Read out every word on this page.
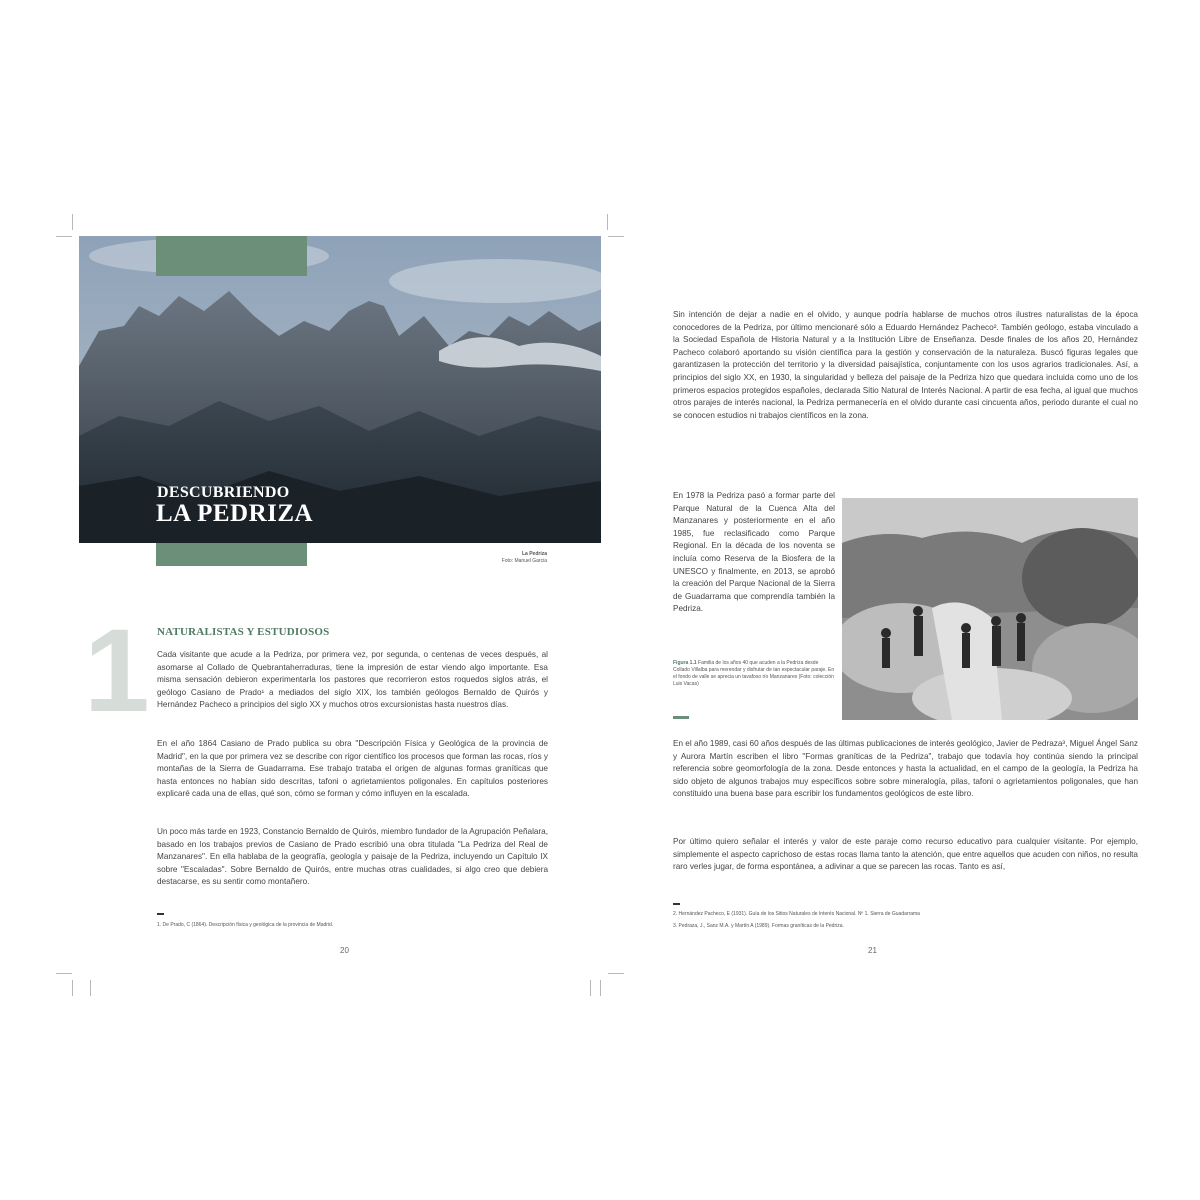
DESCUBRIENDO
LA PEDRIZA
La Pedriza
Foto: Manuel Garcia
1 NATURALISTAS Y ESTUDIOSOS

Cada visitante que acude a la Pedriza, por primera vez, por segunda, o centenas de veces después, al asomarse al Collado de Quebrantaherraduras, tiene la impresión de estar viendo algo importante. Esa misma sensación debieron experimentarla los pastores que recorrieron estos roquedos siglos atrás, el geólogo Casiano de Prado¹ a mediados del siglo XIX, los también geólogos Bernaldo de Quirós y Hernández Pacheco a principios del siglo XX y muchos otros excursionistas hasta nuestros días.

En el año 1864 Casiano de Prado publica su obra "Descripción Física y Geológica de la provincia de Madrid", en la que por primera vez se describe con rigor científico los procesos que forman las rocas, ríos y montañas de la Sierra de Guadarrama. Ese trabajo trataba el origen de algunas formas graníticas que hasta entonces no habían sido descritas, tafoni o agrietamientos poligonales. En capítulos posteriores explicaré cada una de ellas, qué son, cómo se forman y cómo influyen en la escalada.

Un poco más tarde en 1923, Constancio Bernaldo de Quirós, miembro fundador de la Agrupación Peñalara, basado en los trabajos previos de Casiano de Prado escribió una obra titulada "La Pedriza del Real de Manzanares". En ella hablaba de la geografía, geología y paisaje de la Pedriza, incluyendo un Capítulo IX sobre "Escaladas". Sobre Bernaldo de Quirós, entre muchas otras cualidades, si algo creo que debiera destacarse, es su sentir como montañero.

1. De Prado, C (1864). Descripción física y geológica de la provincia de Madrid.

20

Sin intención de dejar a nadie en el olvido, y aunque podría hablarse de muchos otros ilustres naturalistas de la época conocedores de la Pedriza, por último mencionaré sólo a Eduardo Hernández Pacheco². También geólogo, estaba vinculado a la Sociedad Española de Historia Natural y a la Institución Libre de Enseñanza. Desde finales de los años 20, Hernández Pacheco colaboró aportando su visión científica para la gestión y conservación de la naturaleza. Buscó figuras legales que garantizasen la protección del territorio y la diversidad paisajística, conjuntamente con los usos agrarios tradicionales. Así, a principios del siglo XX, en 1930, la singularidad y belleza del paisaje de la Pedriza hizo que quedara incluida como uno de los primeros espacios protegidos españoles, declarada Sitio Natural de Interés Nacional. A partir de esa fecha, al igual que muchos otros parajes de interés nacional, la Pedriza permanecería en el olvido durante casi cincuenta años, periodo durante el cual no se conocen estudios ni trabajos científicos en la zona.

En 1978 la Pedriza pasó a formar parte del Parque Natural de la Cuenca Alta del Manzanares y posteriormente en el año 1985, fue reclasificado como Parque Regional. En la década de los noventa se incluía como Reserva de la Biosfera de la UNESCO y finalmente, en 2013, se aprobó la creación del Parque Nacional de la Sierra de Guadarrama que comprendía también la Pedriza.

Figura 1.1 Familia de los años 40 que acuden a la Pedriza desde Collado Villalba para merendar y disfrutar de tan espectacular paraje. En el fondo de valle se aprecia un tavafoso río Manzanares (Foto: colección Luis Vacas)

En el año 1989, casi 60 años después de las últimas publicaciones de interés geológico, Javier de Pedraza³, Miguel Ángel Sanz y Aurora Martín escriben el libro "Formas graníticas de la Pedriza", trabajo que todavía hoy continúa siendo la principal referencia sobre geomorfología de la zona. Desde entonces y hasta la actualidad, en el campo de la geología, la Pedriza ha sido objeto de algunos trabajos muy específicos sobre sobre mineralogía, pilas, tafoni o agrietamientos poligonales, que han constituido una buena base para escribir los fundamentos geológicos de este libro.

Por último quiero señalar el interés y valor de este paraje como recurso educativo para cualquier visitante. Por ejemplo, simplemente el aspecto caprichoso de estas rocas llama tanto la atención, que entre aquellos que acuden con niños, no resulta raro verles jugar, de forma espontánea, a adivinar a que se parecen las rocas. Tanto es así,

2. Hernández Pacheco, E (1931). Guía de los Sitios Naturales de Interés Nacional. Nº 1. Sierra de Guadarrama

3. Pedraza, J., Sanz M.A. y Martín A (1989). Formas graníticas de la Pedriza.

21
